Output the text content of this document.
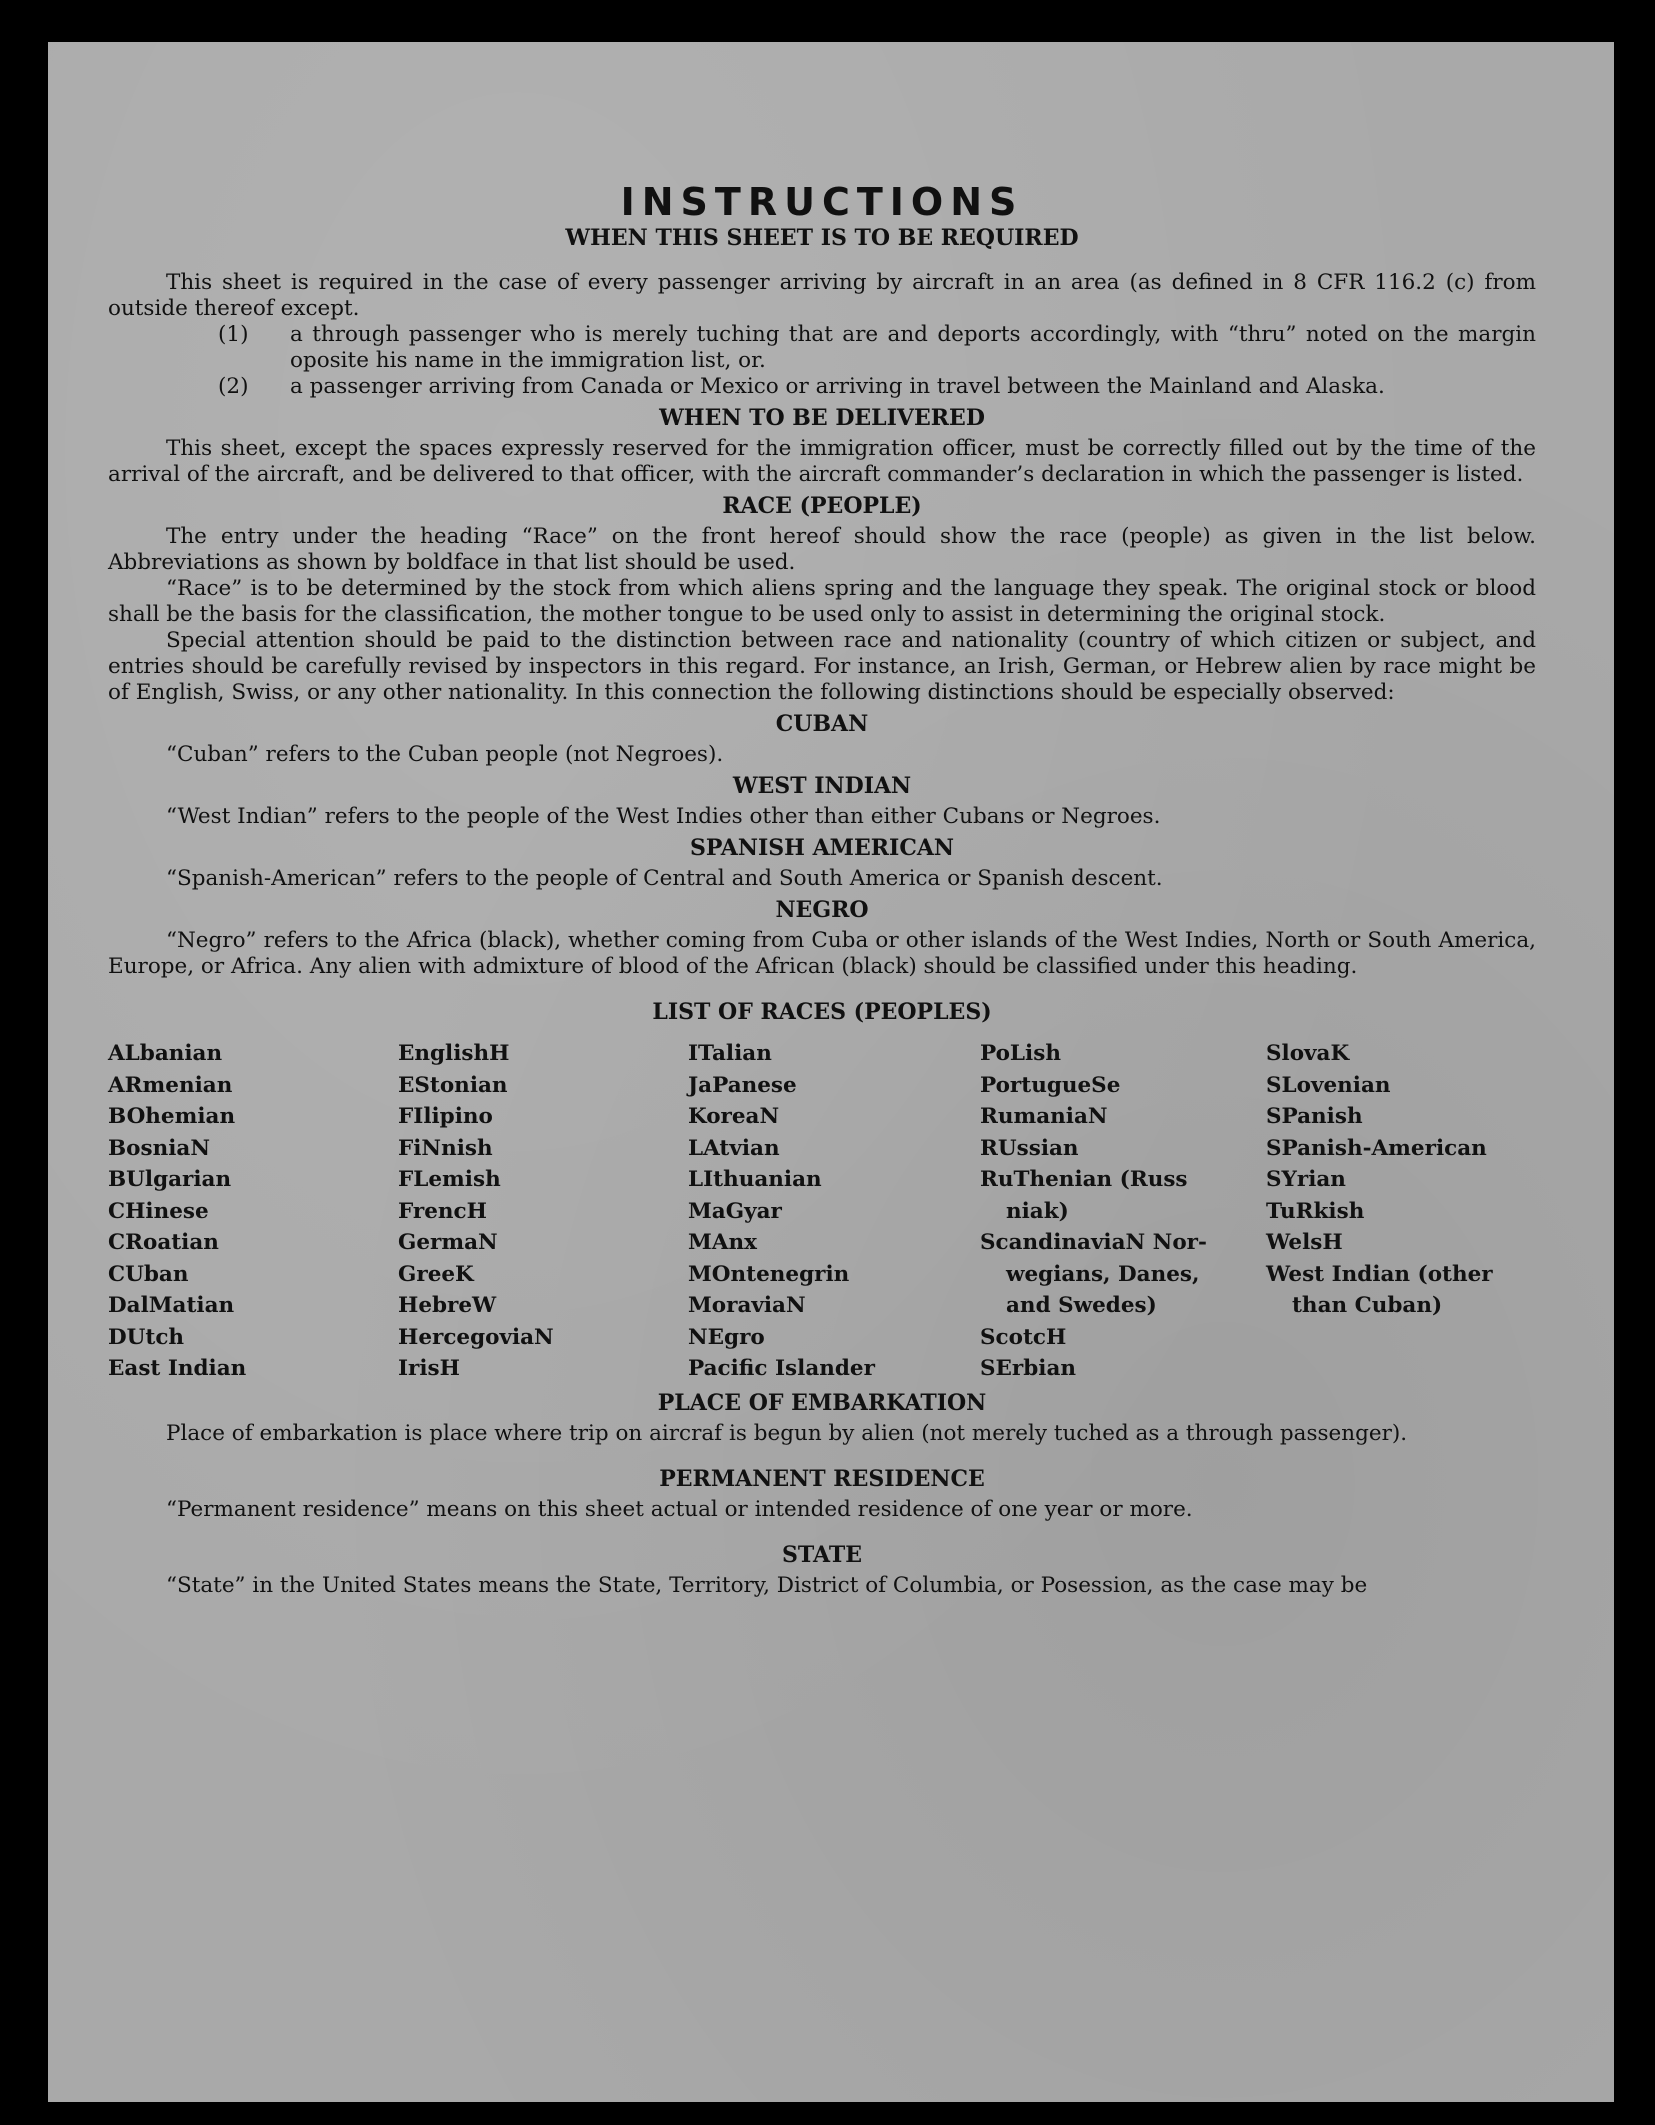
INSTRUCTIONS
WHEN THIS SHEET IS TO BE REQUIRED

This sheet is required in the case of every passenger arriving by aircraft in an area (as defined in 8 CFR 116.2 (c) from outside thereof except.

(1)	a through passenger who is merely tuching that are and deports accordingly, with “thru” noted on the margin oposite his name in the immigration list, or.
(2)	a passenger arriving from Canada or Mexico or arriving in travel between the Mainland and Alaska.
WHEN TO BE DELIVERED

This sheet, except the spaces expressly reserved for the immigration officer, must be correctly filled out by the time of the arrival of the aircraft, and be delivered to that officer, with the aircraft commander’s declaration in which the passenger is listed.

RACE (PEOPLE)

The entry under the heading “Race” on the front hereof should show the race (people) as given in the list below. Abbreviations as shown by boldface in that list should be used.

“Race” is to be determined by the stock from which aliens spring and the language they speak. The original stock or blood shall be the basis for the classification, the mother tongue to be used only to assist in determining the original stock.

Special attention should be paid to the distinction between race and nationality (country of which citizen or subject, and entries should be carefully revised by inspectors in this regard. For instance, an Irish, German, or Hebrew alien by race might be of English, Swiss, or any other nationality. In this connection the following distinctions should be especially observed:

CUBAN

“Cuban” refers to the Cuban people (not Negroes).

WEST INDIAN

“West Indian” refers to the people of the West Indies other than either Cubans or Negroes.

SPANISH AMERICAN

“Spanish-American” refers to the people of Central and South America or Spanish descent.

NEGRO

“Negro” refers to the Africa (black), whether coming from Cuba or other islands of the West Indies, North or South America, Europe, or Africa. Any alien with admixture of blood of the African (black) should be classified under this heading.

LIST OF RACES (PEOPLES)
ALbanian
ARmenian
BOhemian
BosniaN
BUlgarian
CHinese
CRoatian
CUban
DalMatian
DUtch
East Indian
EnglishH
EStonian
FIlipino
FiNnish
FLemish
FrencH
GermaN
GreeK
HebreW
HercegoviaN
IrisH
ITalian
JaPanese
KoreaN
LAtvian
LIthuanian
MaGyar
MAnx
MOntenegrin
MoraviaN
NEgro
Pacific Islander
PoLish
PortugueSe
RumaniaN
RUssian
RuThenian (Russ
niak)
ScandinaviaN Nor-
wegians, Danes,
and Swedes)
ScotcH
SErbian
SlovaK
SLovenian
SPanish
SPanish-American
SYrian
TuRkish
WelsH
West Indian (other
than Cuban)
PLACE OF EMBARKATION

Place of embarkation is place where trip on aircraf is begun by alien (not merely tuched as a through passenger).

PERMANENT RESIDENCE

“Permanent residence” means on this sheet actual or intended residence of one year or more.

STATE

“State” in the United States means the State, Territory, District of Columbia, or Posession, as the case may be
